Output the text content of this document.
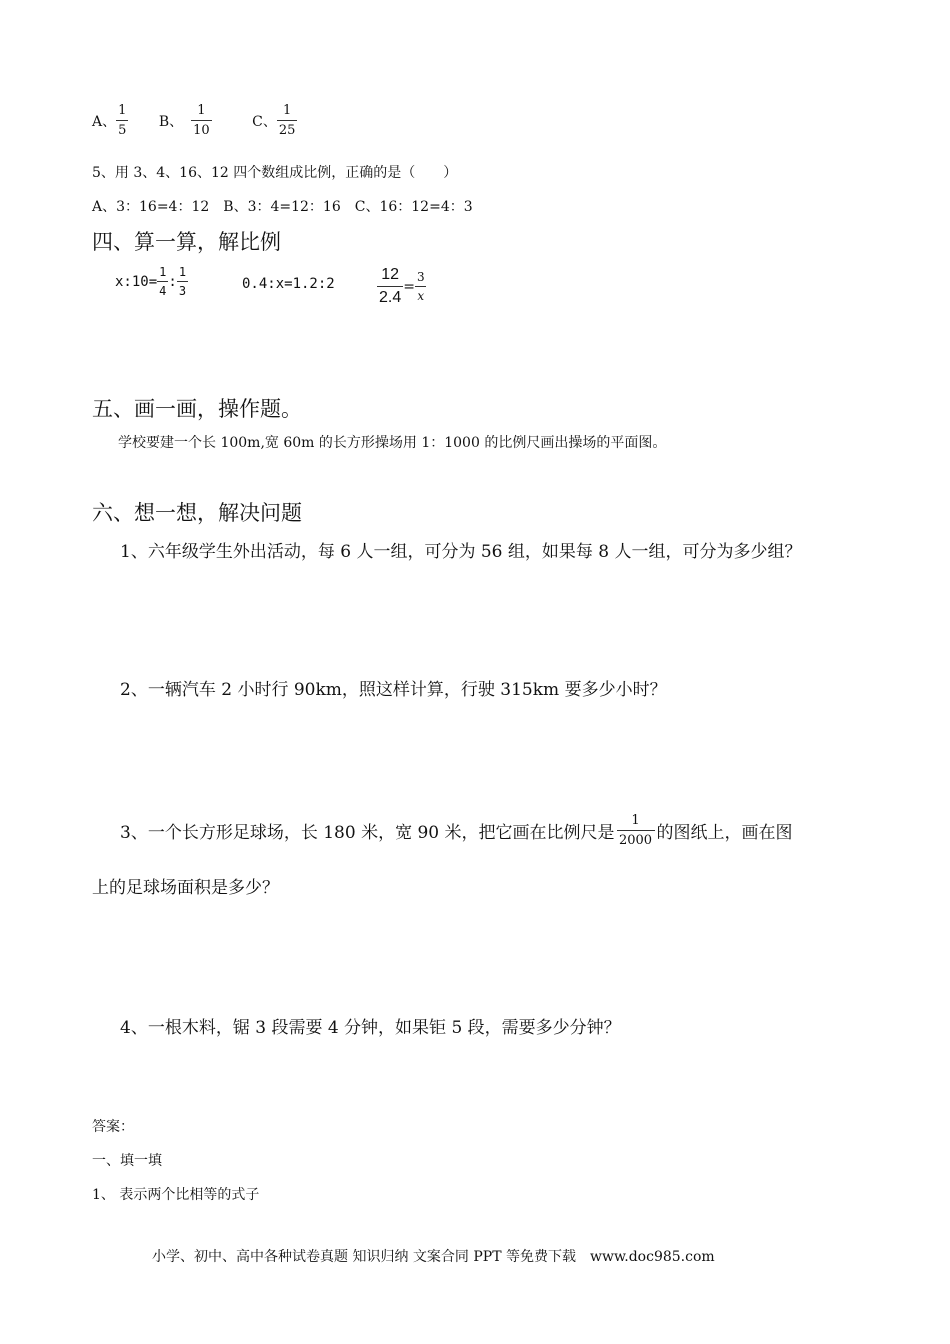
A、 $\frac{1}{5}$
B、 $\frac{1}{10}$
	C、 $\frac{1}{25}$
5、用 3、4、16、12 四个数组成比例，正确的是（　　）
A、3：16=4：12　B、3：4=12：16　C、16：12=4：3
四、算一算，解比例
x:10= $\frac{1}{4}$ : $\frac{1}{3}$	0.4:x=1.2:2	$\frac{12}{2.4} = \frac{3}{x}$
五、画一画，操作题。
学校要建一个长 100m,宽 60m 的长方形操场用 1：1000 的比例尺画出操场的平面图。
六、想一想，解决问题
1、六年级学生外出活动，每 6 人一组，可分为 56 组，如果每 8 人一组，可分为多少组？
2、一辆汽车 2 小时行 90km，照这样计算，行驶 315km 要多少小时？
3、一个长方形足球场，长 180 米，宽 90 米，把它画在比例尺是 $\frac{1}{2000}$ 的图纸上，画在图
上的足球场面积是多少？
4、一根木料，锯 3 段需要 4 分钟，如果钜 5 段，需要多少分钟？
答案：
一、填一填
1、 表示两个比相等的式子
小学、初中、高中各种试卷真题 知识归纳 文案合同 PPT 等免费下载　www.doc985.com
